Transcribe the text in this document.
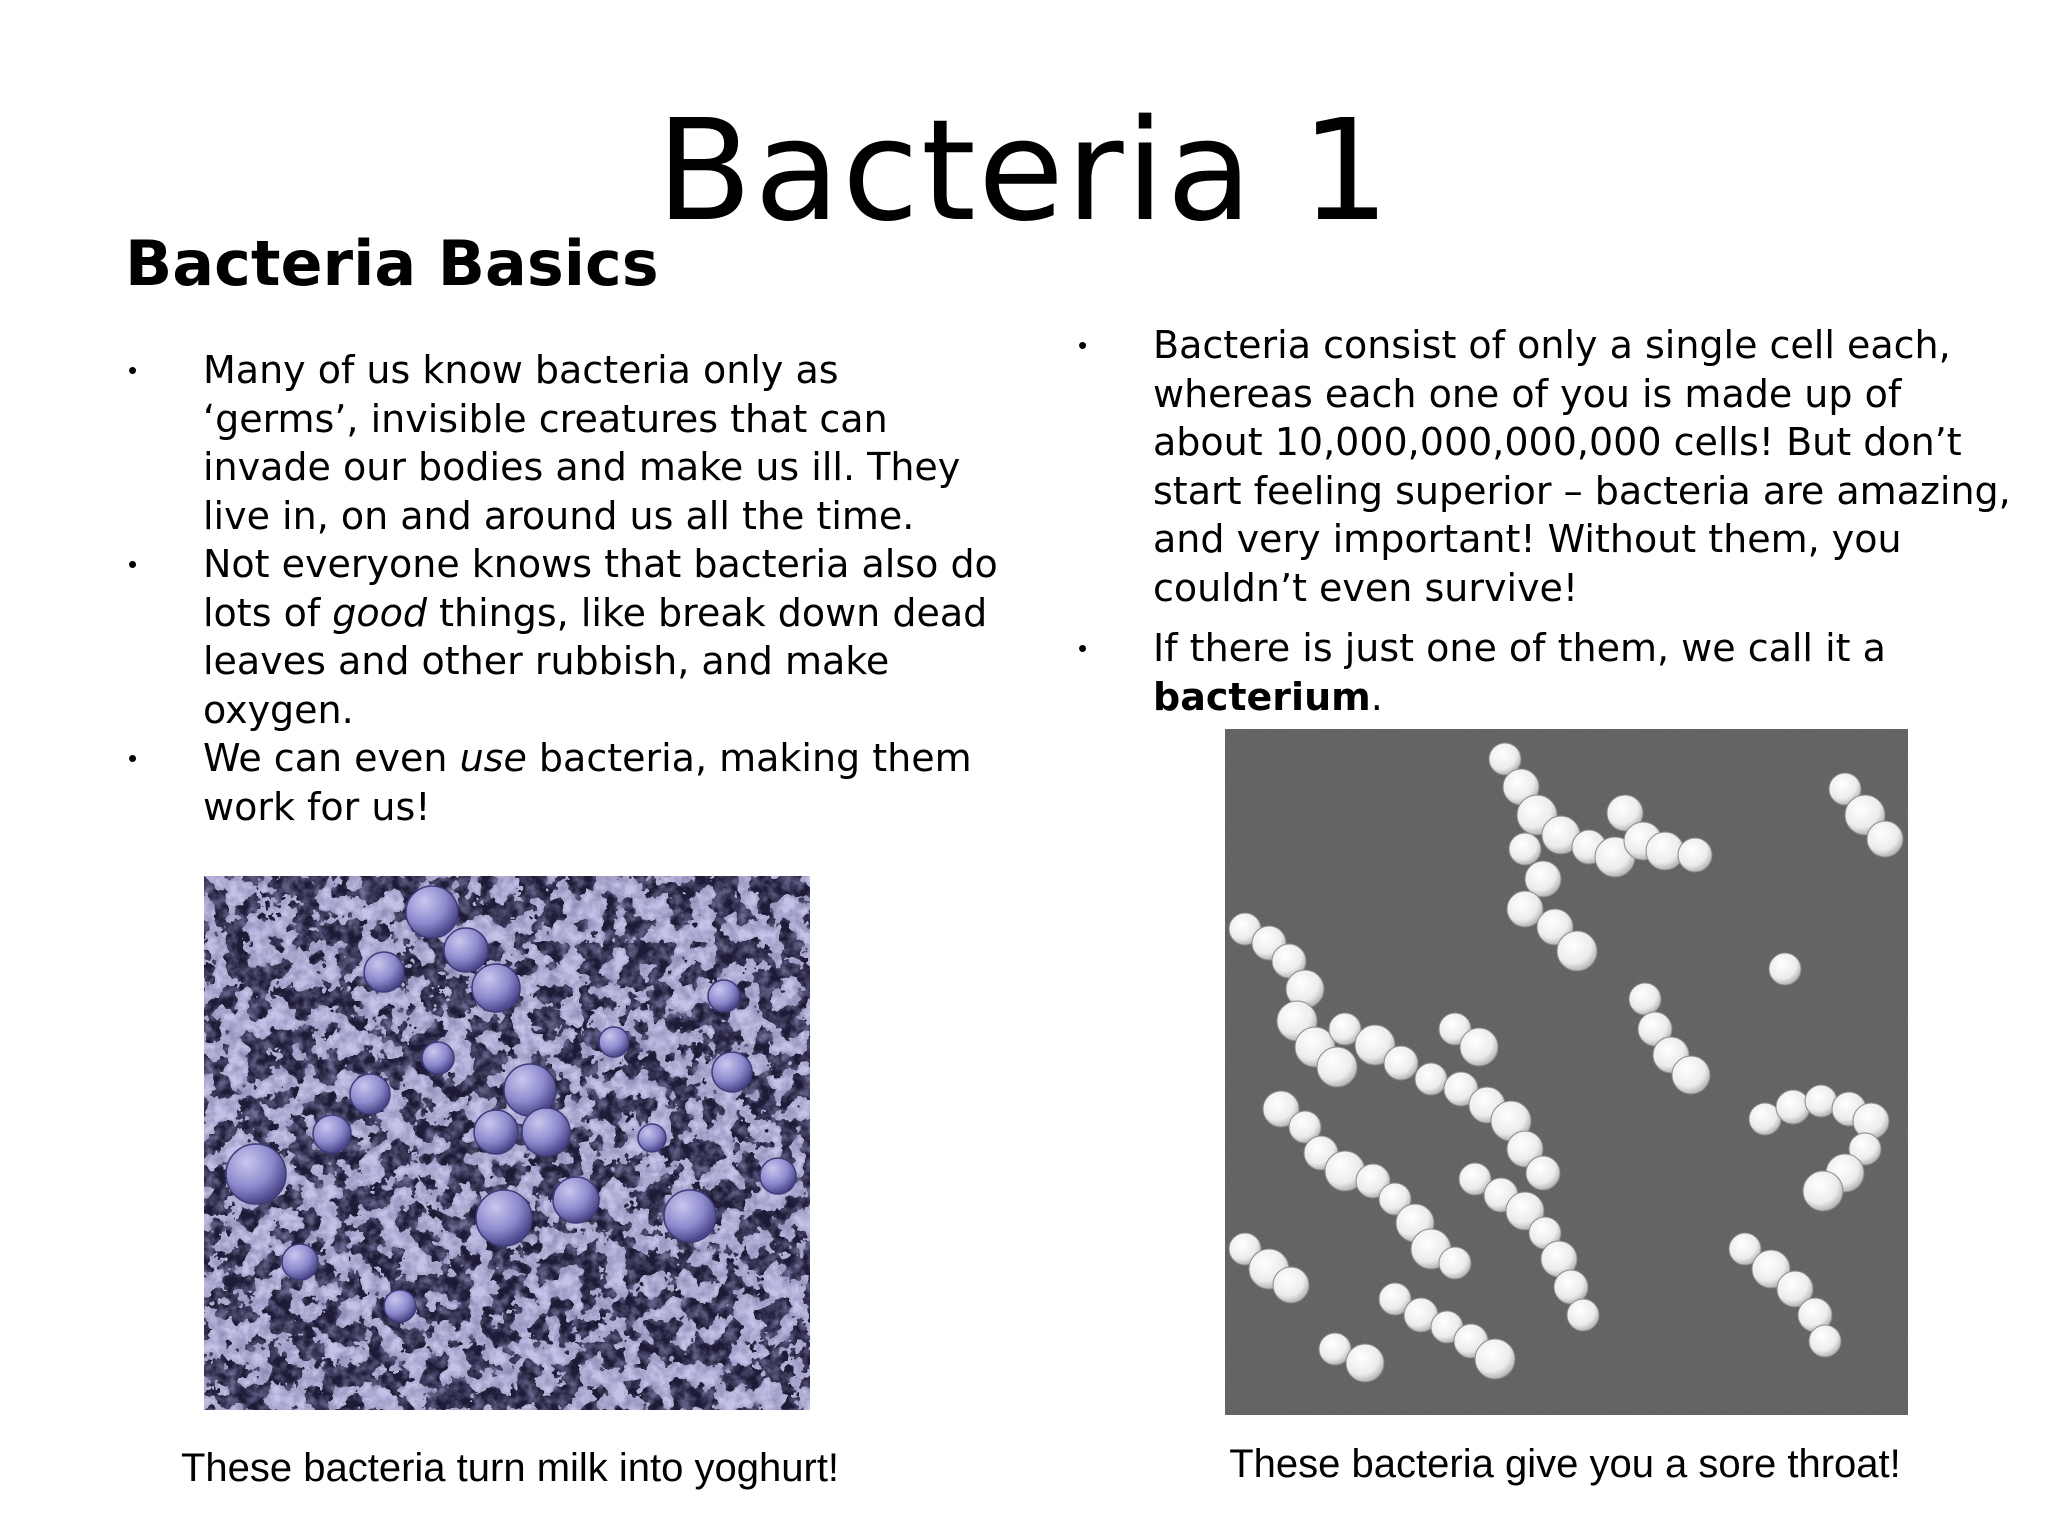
Bacteria 1
Bacteria Basics
• Many of us know bacteria only as ‘germs’, invisible creatures that can invade our bodies and make us ill. They live in, on and around us all the time.
• Not everyone knows that bacteria also do lots of good things, like break down dead leaves and other rubbish, and make oxygen.
• We can even use bacteria, making them work for us!
• Bacteria consist of only a single cell each, whereas each one of you is made up of about 10,000,000,000,000 cells! But don’t start feeling superior – bacteria are amazing, and very important! Without them, you couldn’t even survive!
• If there is just one of them, we call it a bacterium.
These bacteria turn milk into yoghurt!	These bacteria give you a sore throat!
